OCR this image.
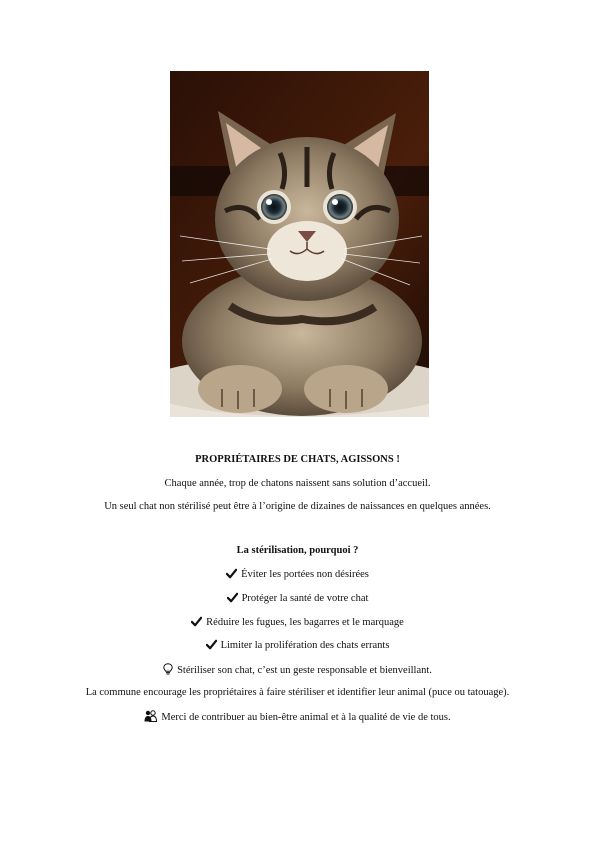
PROPRIÉTAIRES DE CHATS, AGISSONS !
Chaque année, trop de chatons naissent sans solution d’accueil.
Un seul chat non stérilisé peut être à l’origine de dizaines de naissances en quelques années.
La stérilisation, pourquoi ?
Éviter les portées non désirées
Protéger la santé de votre chat
Réduire les fugues, les bagarres et le marquage
Limiter la prolifération des chats errants
Stériliser son chat, c’est un geste responsable et bienveillant.
La commune encourage les propriétaires à faire stériliser et identifier leur animal (puce ou tatouage).
Merci de contribuer au bien-être animal et à la qualité de vie de tous.
